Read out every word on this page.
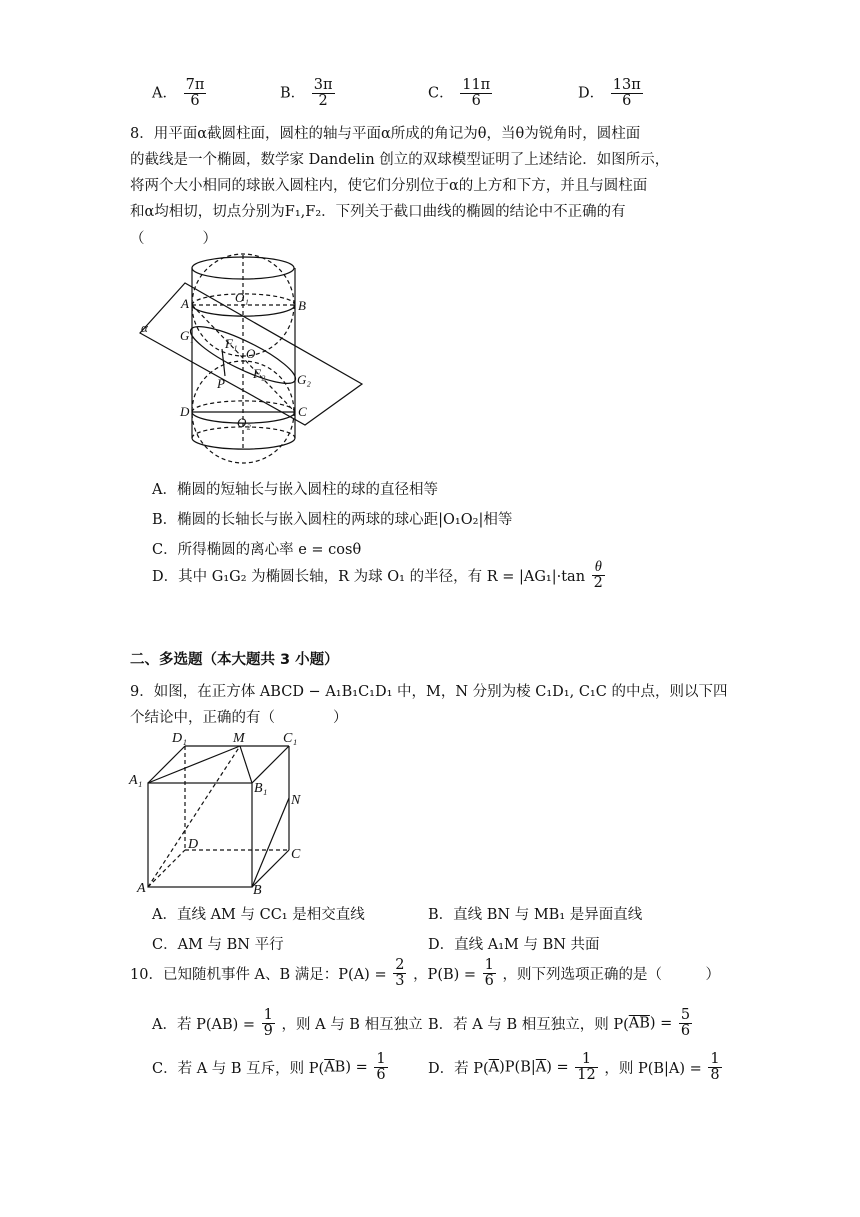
A． $\frac{7\pi}{6}$	B． $\frac{3\pi}{2}$	C． $\frac{11\pi}{6}$	D． $\frac{13\pi}{6}$
8．用平面α截圆柱面，圆柱的轴与平面α所成的角记为θ，当θ为锐角时，圆柱面
的截线是一个椭圆，数学家 Dandelin 创立的双球模型证明了上述结论．如图所示，
将两个大小相同的球嵌入圆柱内，使它们分别位于α的上方和下方，并且与圆柱面
和α均相切，切点分别为F₁,F₂．下列关于截口曲线的椭圆的结论中不正确的有
（　　　　）
A	B
O₁
α
G₁
F₁
O
F₂ G₂
P
D	C
O₂
A．椭圆的短轴长与嵌入圆柱的球的直径相等
B．椭圆的长轴长与嵌入圆柱的两球的球心距|O₁O₂|相等
C．所得椭圆的离心率 e = cosθ
D．其中 G₁G₂ 为椭圆长轴，R 为球 O₁ 的半径，有 $R = |AG_1|\cdot\tan \frac{\theta}{2}$
二、多选题（本大题共 3 小题）
9．如图，在正方体 ABCD − A₁B₁C₁D₁ 中，M，N 分别为棱 C₁D₁, C₁C 的中点，则以下四
个结论中，正确的有（　　　　）
D₁	M	C₁
A₁
B₁
N
D
C
A	B
A．直线 AM 与 CC₁ 是相交直线	B．直线 BN 与 MB₁ 是异面直线
C．AM 与 BN 平行	D．直线 A₁M 与 BN 共面
10．已知随机事件 A、B 满足：$P(A) = \frac{2}{3}$ ，$P(B) = \frac{1}{6}$ ，则下列选项正确的是（　　　）
A．若 $P(AB) = \frac{1}{9}$ ，则 A 与 B 相互独立 B．若 A 与 B 相互独立，则 $P(\overline{AB}) = \frac{5}{6}$
C．若 A 与 B 互斥，则 $P(\overline{A}B) = \frac{1}{6}$	D．若 $P(\overline{A})P(B|\overline{A}) = \frac{1}{12}$ ，则 $P(B|A) = \frac{1}{8}$
